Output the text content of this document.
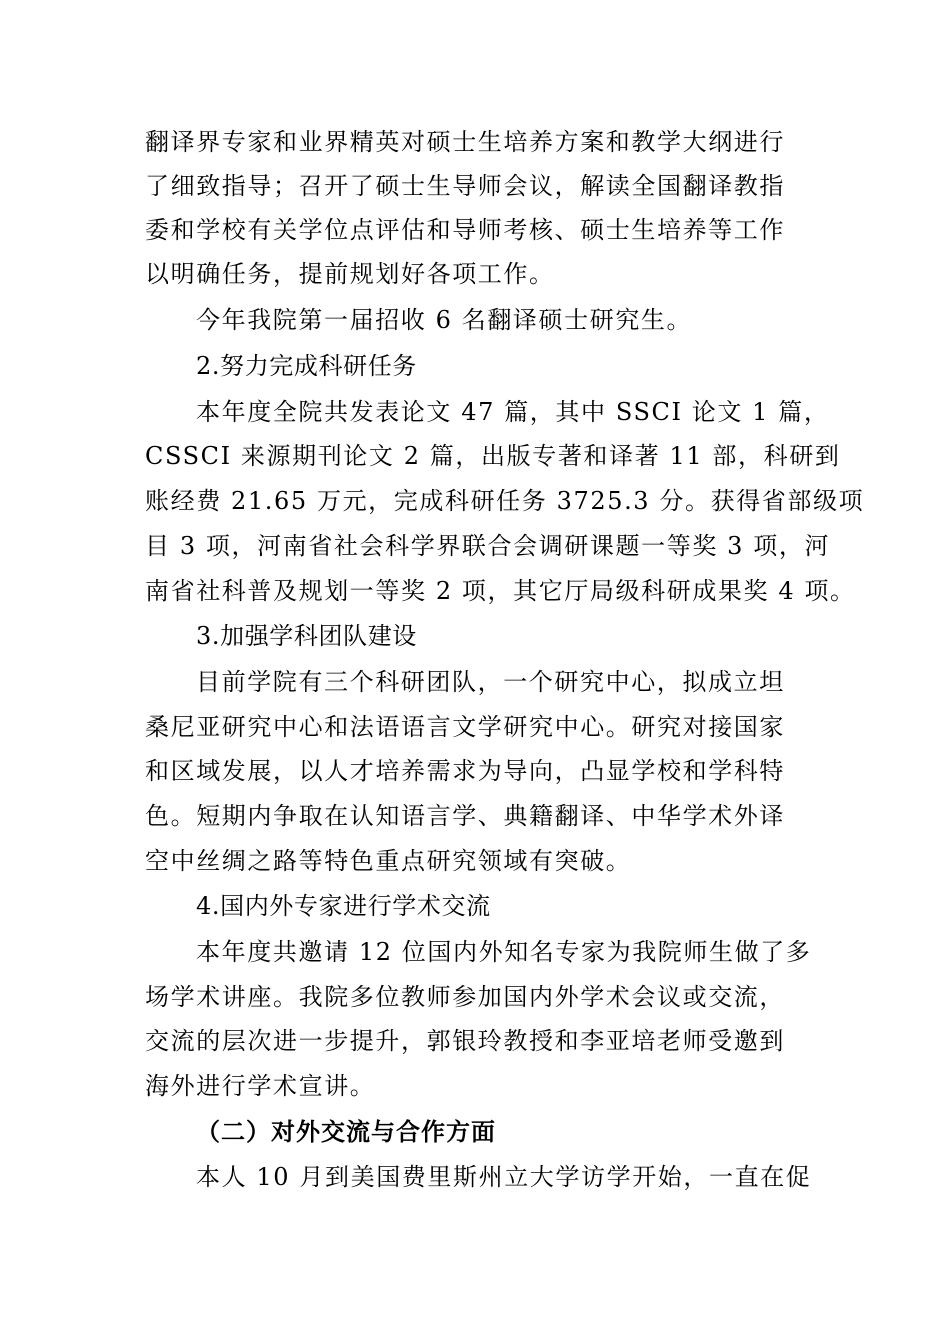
翻译界专家和业界精英对硕士生培养方案和教学大纲进行
了细致指导；召开了硕士生导师会议，解读全国翻译教指
委和学校有关学位点评估和导师考核、硕士生培养等工作
以明确任务，提前规划好各项工作。
今年我院第一届招收 6 名翻译硕士研究生。
2.努力完成科研任务
本年度全院共发表论文 47 篇，其中 SSCI 论文 1 篇，
CSSCI 来源期刊论文 2 篇，出版专著和译著 11 部，科研到
账经费 21.65 万元，完成科研任务 3725.3 分。获得省部级项
目 3 项，河南省社会科学界联合会调研课题一等奖 3 项，河
南省社科普及规划一等奖 2 项，其它厅局级科研成果奖 4 项。
3.加强学科团队建设
目前学院有三个科研团队，一个研究中心，拟成立坦
桑尼亚研究中心和法语语言文学研究中心。研究对接国家
和区域发展，以人才培养需求为导向，凸显学校和学科特
色。短期内争取在认知语言学、典籍翻译、中华学术外译
空中丝绸之路等特色重点研究领域有突破。
4.国内外专家进行学术交流
本年度共邀请 12 位国内外知名专家为我院师生做了多
场学术讲座。我院多位教师参加国内外学术会议或交流，
交流的层次进一步提升，郭银玲教授和李亚培老师受邀到
海外进行学术宣讲。
（二）对外交流与合作方面
本人 10 月到美国费里斯州立大学访学开始，一直在促
